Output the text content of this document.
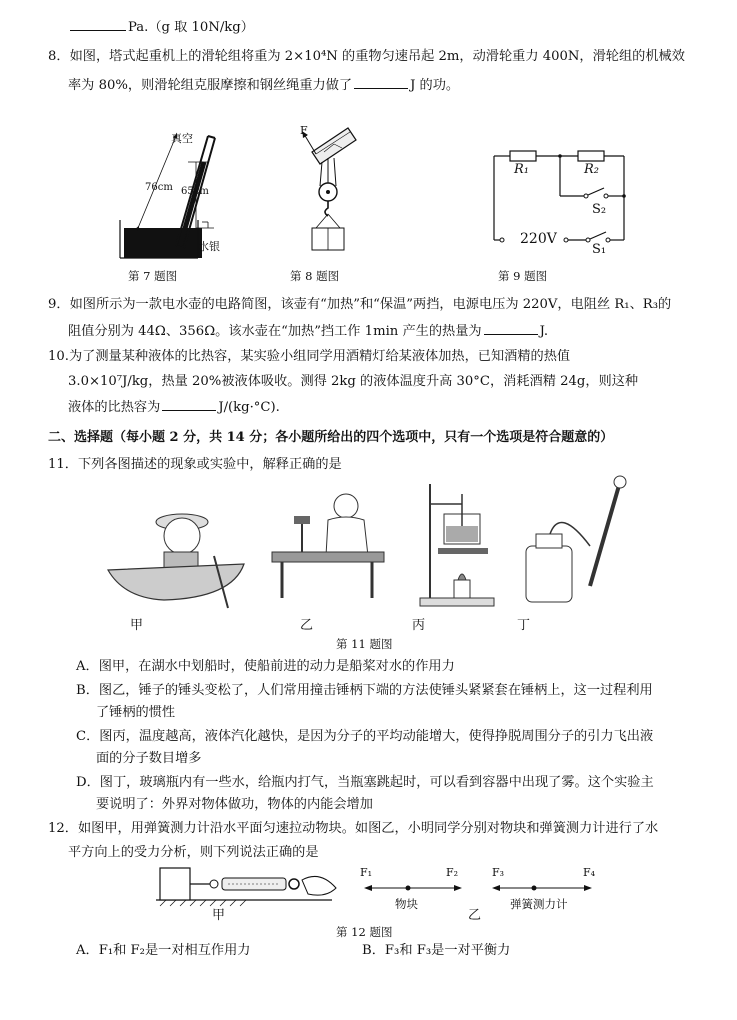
Pa.（g 取 10N/kg）
8．如图，塔式起重机上的滑轮组将重为 2×10⁴N 的重物匀速吊起 2m，动滑轮重力 400N，滑轮组的机械效
率为 80%，则滑轮组克服摩擦和钢丝绳重力做了	J 的功。
真空
76cm 65cm
水银
第 7 题图
F
第 8 题图
R₁	R₂
S₂
220V
S₁
第 9 题图
9．如图所示为一款电水壶的电路简图，该壶有“加热”和“保温”两挡，电源电压为 220V，电阻丝 R₁、R₃的
阻值分别为 44Ω、356Ω。该水壶在“加热”挡工作 1min 产生的热量为	J.
10.为了测量某种液体的比热容，某实验小组同学用酒精灯给某液体加热，已知酒精的热值
3.0×10⁷J/kg，热量 20%被液体吸收。测得 2kg 的液体温度升高 30°C，消耗酒精 24g，则这种
液体的比热容为	J/(kg·°C).
二、选择题（每小题 2 分，共 14 分；各小题所给出的四个选项中，只有一个选项是符合题意的）
11．下列各图描述的现象或实验中，解释正确的是
甲	乙	丙	丁
第 11 题图
A．图甲，在湖水中划船时，使船前进的动力是船桨对水的作用力
B．图乙，锤子的锤头变松了，人们常用撞击锤柄下端的方法使锤头紧紧套在锤柄上，这一过程利用
了锤柄的惯性
C．图丙，温度越高，液体汽化越快，是因为分子的平均动能增大，使得挣脱周围分子的引力飞出液
面的分子数目增多
D．图丁，玻璃瓶内有一些水，给瓶内打气，当瓶塞跳起时，可以看到容器中出现了雾。这个实验主
要说明了：外界对物体做功，物体的内能会增加
12．如图甲，用弹簧测力计沿水平面匀速拉动物块。如图乙，小明同学分别对物块和弹簧测力计进行了水
平方向上的受力分析，则下列说法正确的是
甲
F₁	F₂	F₃	F₄
物块	弹簧测力计
乙
第 12 题图
A．F₁和 F₂是一对相互作用力	B．F₃和 F₃是一对平衡力
